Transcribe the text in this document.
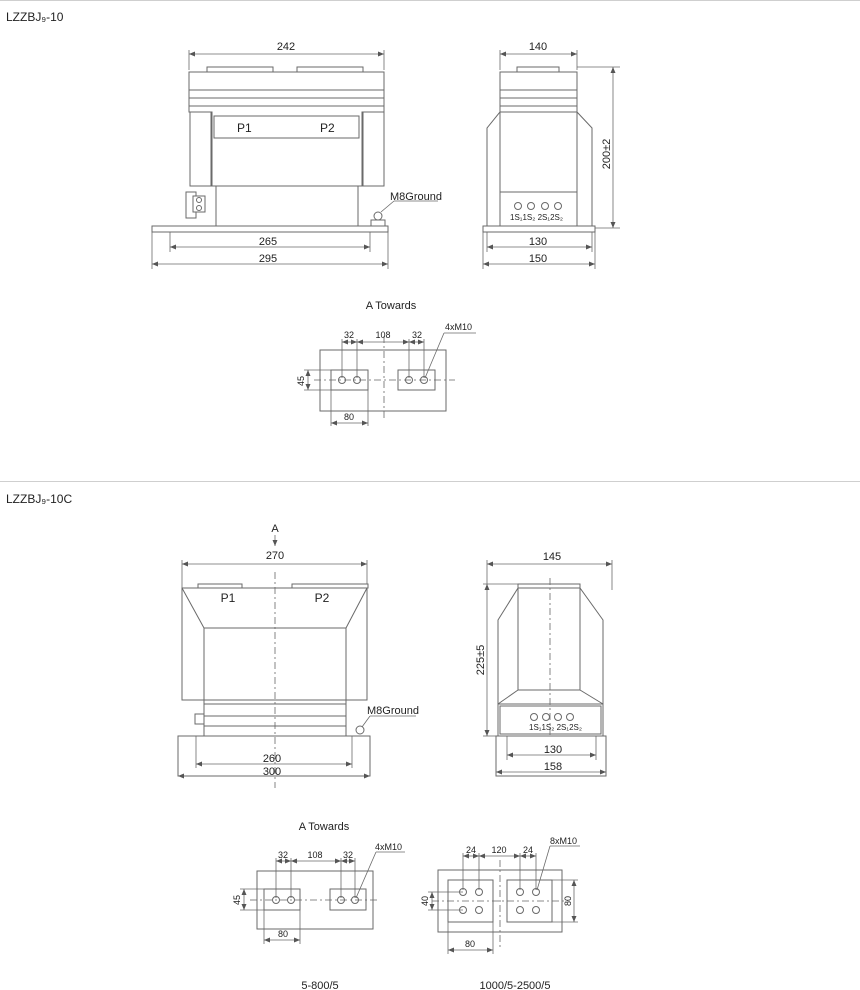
LZZBJ₉-10
LZZBJ₉-10C
P1	P2
M8Ground
242
265
295
1S₁1S₂ 2S₁2S₂
140
200±2
130
150
A Towards
32 108 32
4xM10
45
80
A
270
P1	P2
M8Ground
260
300
145
1S₁1S₂ 2S₁2S₂
225±5
130
158
A Towards
32 108 32
4xM10
45
80
5-800/5
24 120 24
8xM10
40	80
80
1000/5-2500/5
